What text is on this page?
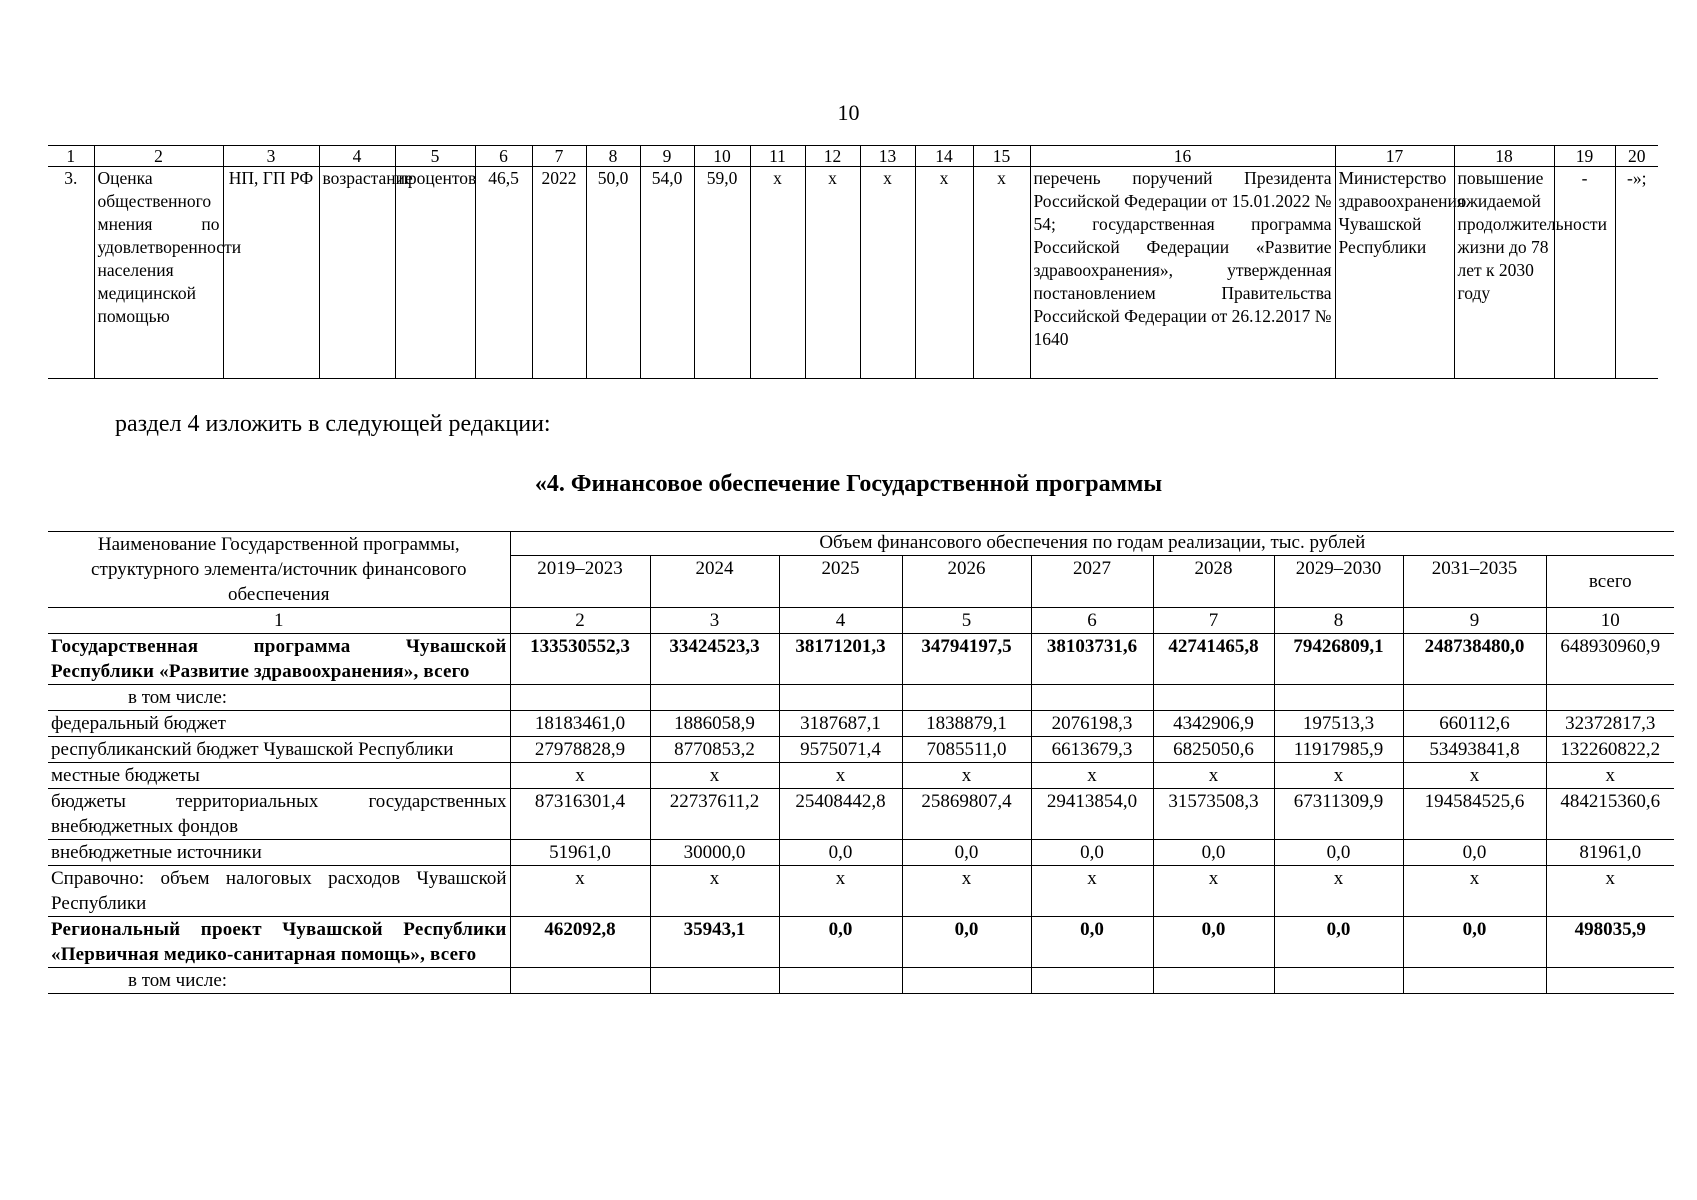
10
1	2	3	4	5	6	7	8	9	10	11	12	13	14	15	16	17	18	19	20
3.	Оценка общественного мнения по удовлетворенности населения медицинской помощью	НП, ГП РФ	возрастание	процентов	46,5	2022	50,0	54,0	59,0	x	x	x	x	x	перечень поручений Президента Российской Федерации от 15.01.2022 № 54; государственная программа Российской Федерации «Развитие здравоохранения», утвержденная постановлением Правительства Российской Федерации от 26.12.2017 № 1640	Министерство здравоохранения Чувашской Республики	повышение ожидаемой продолжительности жизни до 78 лет к 2030 году	-	-»;
раздел 4 изложить в следующей редакции:
«4. Финансовое обеспечение Государственной программы
Наименование Государственной программы, структурного элемента/источник финансового обеспечения	Объем финансового обеспечения по годам реализации, тыс. рублей								
	2019–2023	2024	2025	2026	2027	2028	2029–2030	2031–2035	всего
1	2	3	4	5	6	7	8	9	10
Государственная программа Чувашской Республики «Развитие здравоохранения», всего	133530552,3	33424523,3	38171201,3	34794197,5	38103731,6	42741465,8	79426809,1	248738480,0	648930960,9
в том числе:									
федеральный бюджет	18183461,0	1886058,9	3187687,1	1838879,1	2076198,3	4342906,9	197513,3	660112,6	32372817,3
республиканский бюджет Чувашской Республики	27978828,9	8770853,2	9575071,4	7085511,0	6613679,3	6825050,6	11917985,9	53493841,8	132260822,2
местные бюджеты	x	x	x	x	x	x	x	x	x
бюджеты территориальных государственных внебюджетных фондов	87316301,4	22737611,2	25408442,8	25869807,4	29413854,0	31573508,3	67311309,9	194584525,6	484215360,6
внебюджетные источники	51961,0	30000,0	0,0	0,0	0,0	0,0	0,0	0,0	81961,0
Справочно: объем налоговых расходов Чувашской Республики	x	x	x	x	x	x	x	x	x
Региональный проект Чувашской Республики «Первичная медико-санитарная помощь», всего	462092,8	35943,1	0,0	0,0	0,0	0,0	0,0	0,0	498035,9
в том числе:									
